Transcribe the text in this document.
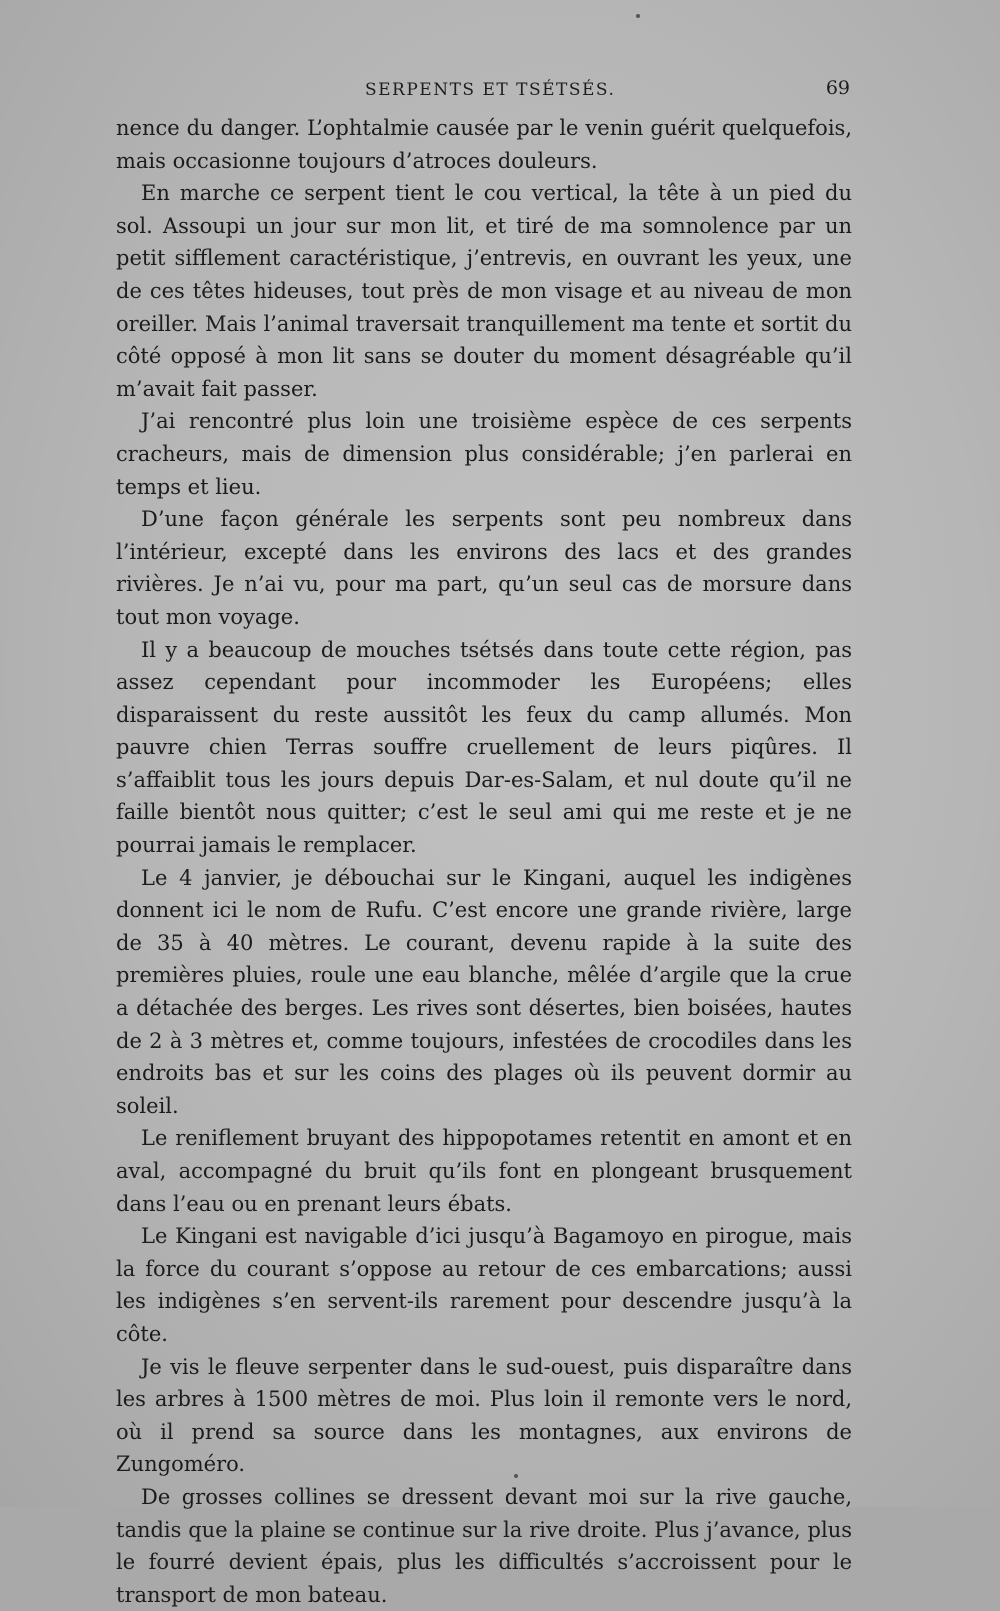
SERPENTS ET TSÉTSÉS.	69

nence du danger. L’ophtalmie causée par le venin guérit quelquefois, mais occasionne toujours d’atroces douleurs.

En marche ce serpent tient le cou vertical, la tête à un pied du sol. Assoupi un jour sur mon lit, et tiré de ma somnolence par un petit sifflement caractéristique, j’entrevis, en ouvrant les yeux, une de ces têtes hideuses, tout près de mon visage et au niveau de mon oreiller. Mais l’animal traversait tranquillement ma tente et sortit du côté opposé à mon lit sans se douter du moment désagréable qu’il m’avait fait passer.

J’ai rencontré plus loin une troisième espèce de ces serpents cracheurs, mais de dimension plus considérable; j’en parlerai en temps et lieu.

D’une façon générale les serpents sont peu nombreux dans l’intérieur, excepté dans les environs des lacs et des grandes rivières. Je n’ai vu, pour ma part, qu’un seul cas de morsure dans tout mon voyage.

Il y a beaucoup de mouches tsétsés dans toute cette région, pas assez cependant pour incommoder les Européens; elles disparaissent du reste aussitôt les feux du camp allumés. Mon pauvre chien Terras souffre cruellement de leurs piqûres. Il s’affaiblit tous les jours depuis Dar-es-Salam, et nul doute qu’il ne faille bientôt nous quitter; c’est le seul ami qui me reste et je ne pourrai jamais le remplacer.

Le 4 janvier, je débouchai sur le Kingani, auquel les indigènes donnent ici le nom de Rufu. C’est encore une grande rivière, large de 35 à 40 mètres. Le courant, devenu rapide à la suite des premières pluies, roule une eau blanche, mêlée d’argile que la crue a détachée des berges. Les rives sont désertes, bien boisées, hautes de 2 à 3 mètres et, comme toujours, infestées de crocodiles dans les endroits bas et sur les coins des plages où ils peuvent dormir au soleil.

Le reniflement bruyant des hippopotames retentit en amont et en aval, accompagné du bruit qu’ils font en plongeant brusquement dans l’eau ou en prenant leurs ébats.

Le Kingani est navigable d’ici jusqu’à Bagamoyo en pirogue, mais la force du courant s’oppose au retour de ces embarcations; aussi les indigènes s’en servent-ils rarement pour descendre jusqu’à la côte.

Je vis le fleuve serpenter dans le sud-ouest, puis disparaître dans les arbres à 1500 mètres de moi. Plus loin il remonte vers le nord, où il prend sa source dans les montagnes, aux environs de Zungoméro.

De grosses collines se dressent devant moi sur la rive gauche, tandis que la plaine se continue sur la rive droite. Plus j’avance, plus le fourré devient épais, plus les difficultés s’accroissent pour le transport de mon bateau.
